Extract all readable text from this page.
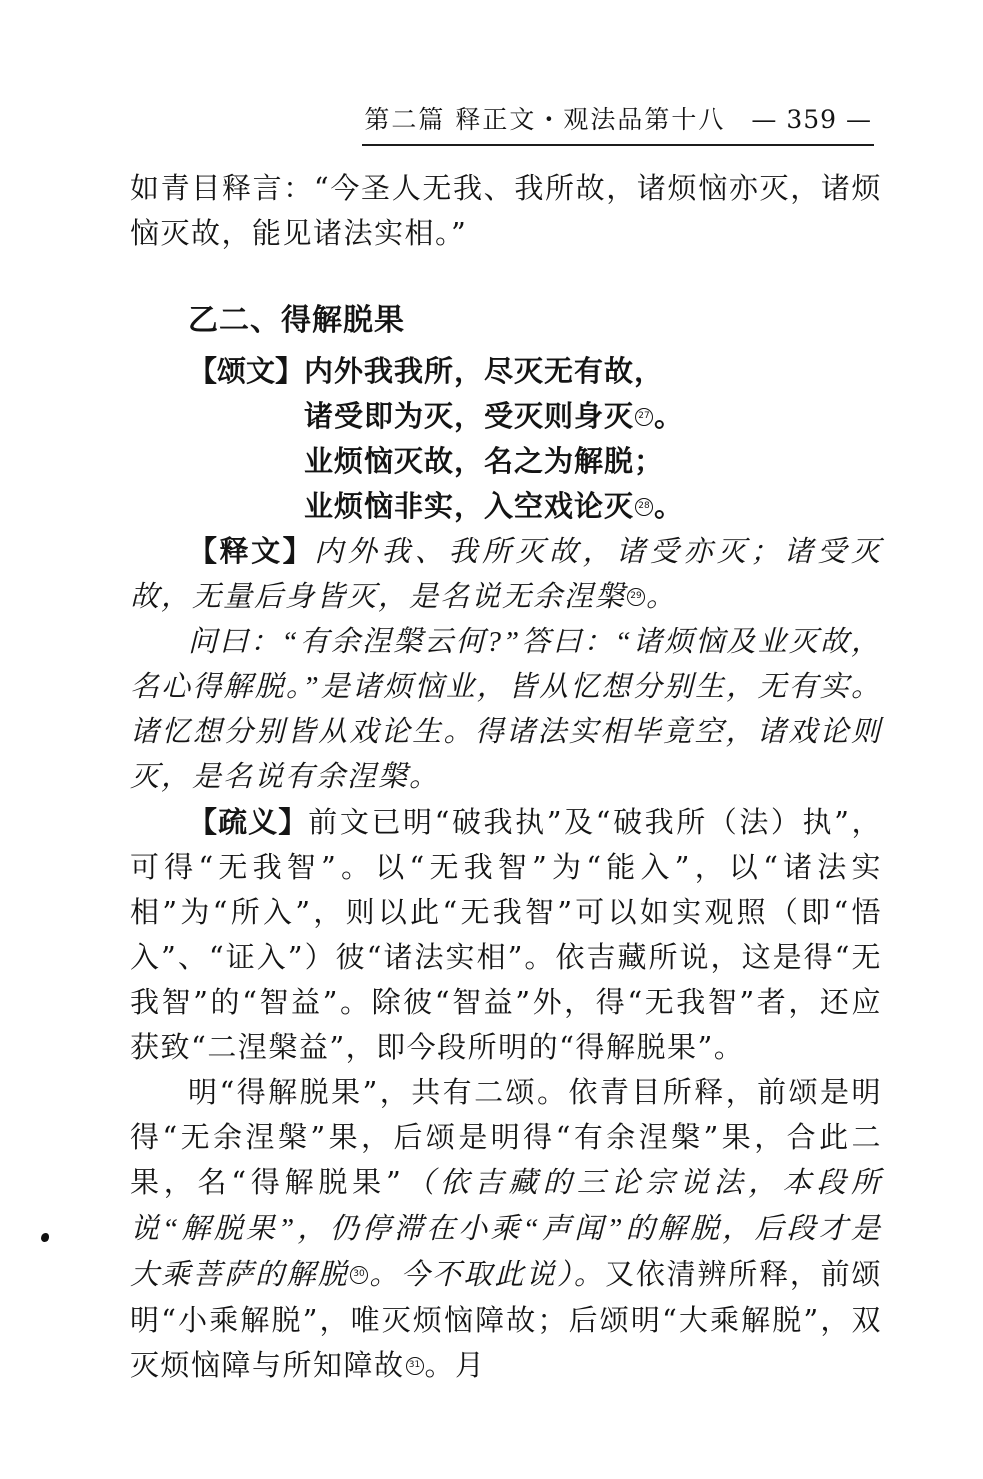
第二篇 释正文・观法品第十八 — 359 —

如青目释言：“今圣人无我、我所故，诸烦恼亦灭，诸烦恼灭故，能见诸法实相。”

乙二、得解脱果
【颂文】内外我我所，尽灭无有故，
诸受即为灭，受灭则身灭 27 。
业烦恼灭故，名之为解脱；
业烦恼非实，入空戏论灭 28 。

【释文】内外我、我所灭故，诸受亦灭；诸受灭故，无量后身皆灭，是名说无余涅槃 29 。

问曰：“有余涅槃云何?”答曰：“诸烦恼及业灭故，名心得解脱。”是诸烦恼业，皆从忆想分别生，无有实。诸忆想分别皆从戏论生。得诸法实相毕竟空，诸戏论则灭，是名说有余涅槃。

【疏义】前文已明“破我执”及“破我所（法）执”，可得“无我智”。以“无我智”为“能入”，以“诸法实相”为“所入”，则以此“无我智”可以如实观照（即“悟入”、“证入”）彼“诸法实相”。依吉藏所说，这是得“无我智”的“智益”。除彼“智益”外，得“无我智”者，还应获致“二涅槃益”，即今段所明的“得解脱果”。

明“得解脱果”，共有二颂。依青目所释，前颂是明得“无余涅槃”果，后颂是明得“有余涅槃”果，合此二果，名“得解脱果”（依吉藏的三论宗说法，本段所说“解脱果”，仍停滞在小乘“声闻”的解脱，后段才是大乘菩萨的解脱 30 。今不取此说）。又依清辨所释，前颂明“小乘解脱”，唯灭烦恼障故；后颂明“大乘解脱”，双灭烦恼障与所知障故 31 。月
